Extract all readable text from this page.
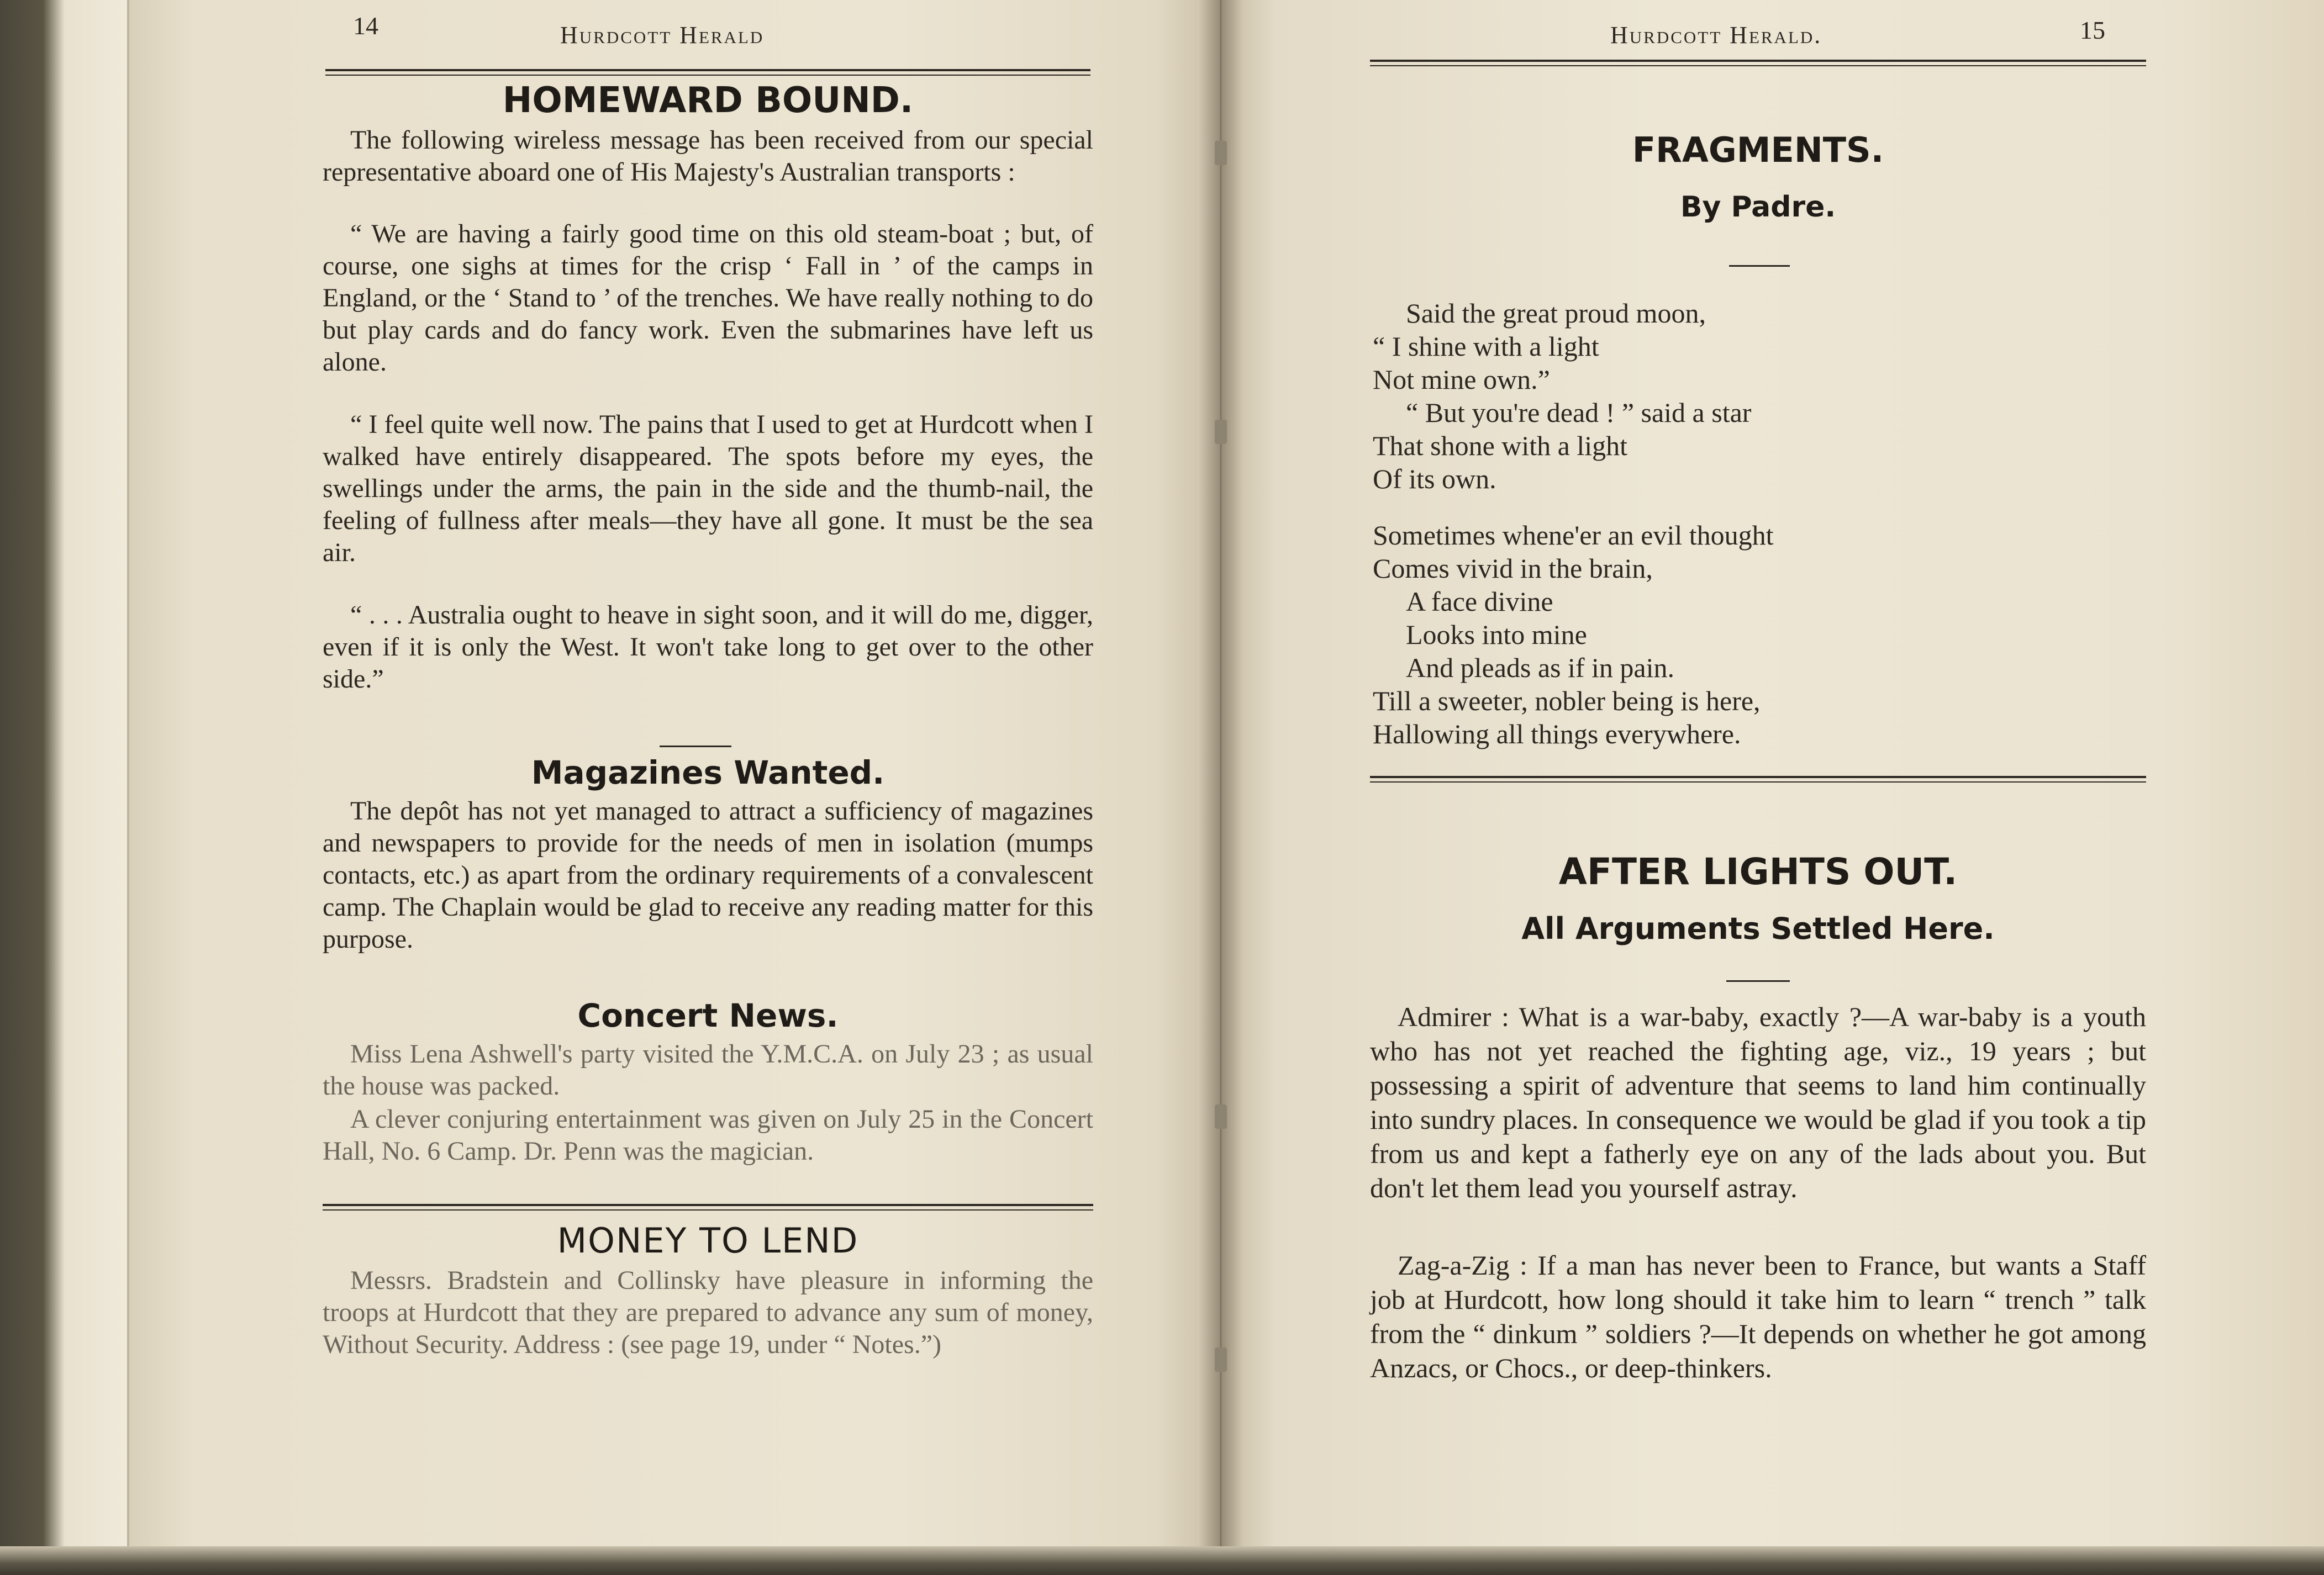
14	Hurdcott Herald
HOMEWARD BOUND.
The following wireless message has been received from our special representative aboard one of His Majesty's Australian transports :
“ We are having a fairly good time on this old steam-boat ; but, of course, one sighs at times for the crisp ‘ Fall in ’ of the camps in England, or the ‘ Stand to ’ of the trenches. We have really nothing to do but play cards and do fancy work. Even the submarines have left us alone.
“ I feel quite well now. The pains that I used to get at Hurdcott when I walked have entirely disappeared. The spots before my eyes, the swellings under the arms, the pain in the side and the thumb-nail, the feeling of fullness after meals—they have all gone. It must be the sea air.
“ . . . Australia ought to heave in sight soon, and it will do me, digger, even if it is only the West. It won't take long to get over to the other side.”
Magazines Wanted.
The depôt has not yet managed to attract a sufficiency of magazines and newspapers to provide for the needs of men in isolation (mumps contacts, etc.) as apart from the ordinary requirements of a convalescent camp. The Chaplain would be glad to receive any reading matter for this purpose.
Concert News.
Miss Lena Ashwell's party visited the Y.M.C.A. on July 23 ; as usual the house was packed.
A clever conjuring entertainment was given on July 25 in the Concert Hall, No. 6 Camp. Dr. Penn was the magician.
MONEY TO LEND
Messrs. Bradstein and Collinsky have pleasure in informing the troops at Hurdcott that they are prepared to advance any sum of money, Without Security. Address : (see page 19, under “ Notes.”)
Hurdcott Herald.	15
FRAGMENTS.
By Padre.
Said the great proud moon,
“ I shine with a light
Not mine own.”
“ But you're dead ! ” said a star
That shone with a light
Of its own.
Sometimes whene'er an evil thought
Comes vivid in the brain,
A face divine
Looks into mine
And pleads as if in pain.
Till a sweeter, nobler being is here,
Hallowing all things everywhere.
AFTER LIGHTS OUT.
All Arguments Settled Here.
Admirer : What is a war-baby, exactly ?—A war-baby is a youth who has not yet reached the fighting age, viz., 19 years ; but possessing a spirit of adventure that seems to land him continually into sundry places. In consequence we would be glad if you took a tip from us and kept a fatherly eye on any of the lads about you. But don't let them lead you yourself astray.
Zag-a-Zig : If a man has never been to France, but wants a Staff job at Hurdcott, how long should it take him to learn “ trench ” talk from the “ dinkum ” soldiers ?—It depends on whether he got among Anzacs, or Chocs., or deep-thinkers.
